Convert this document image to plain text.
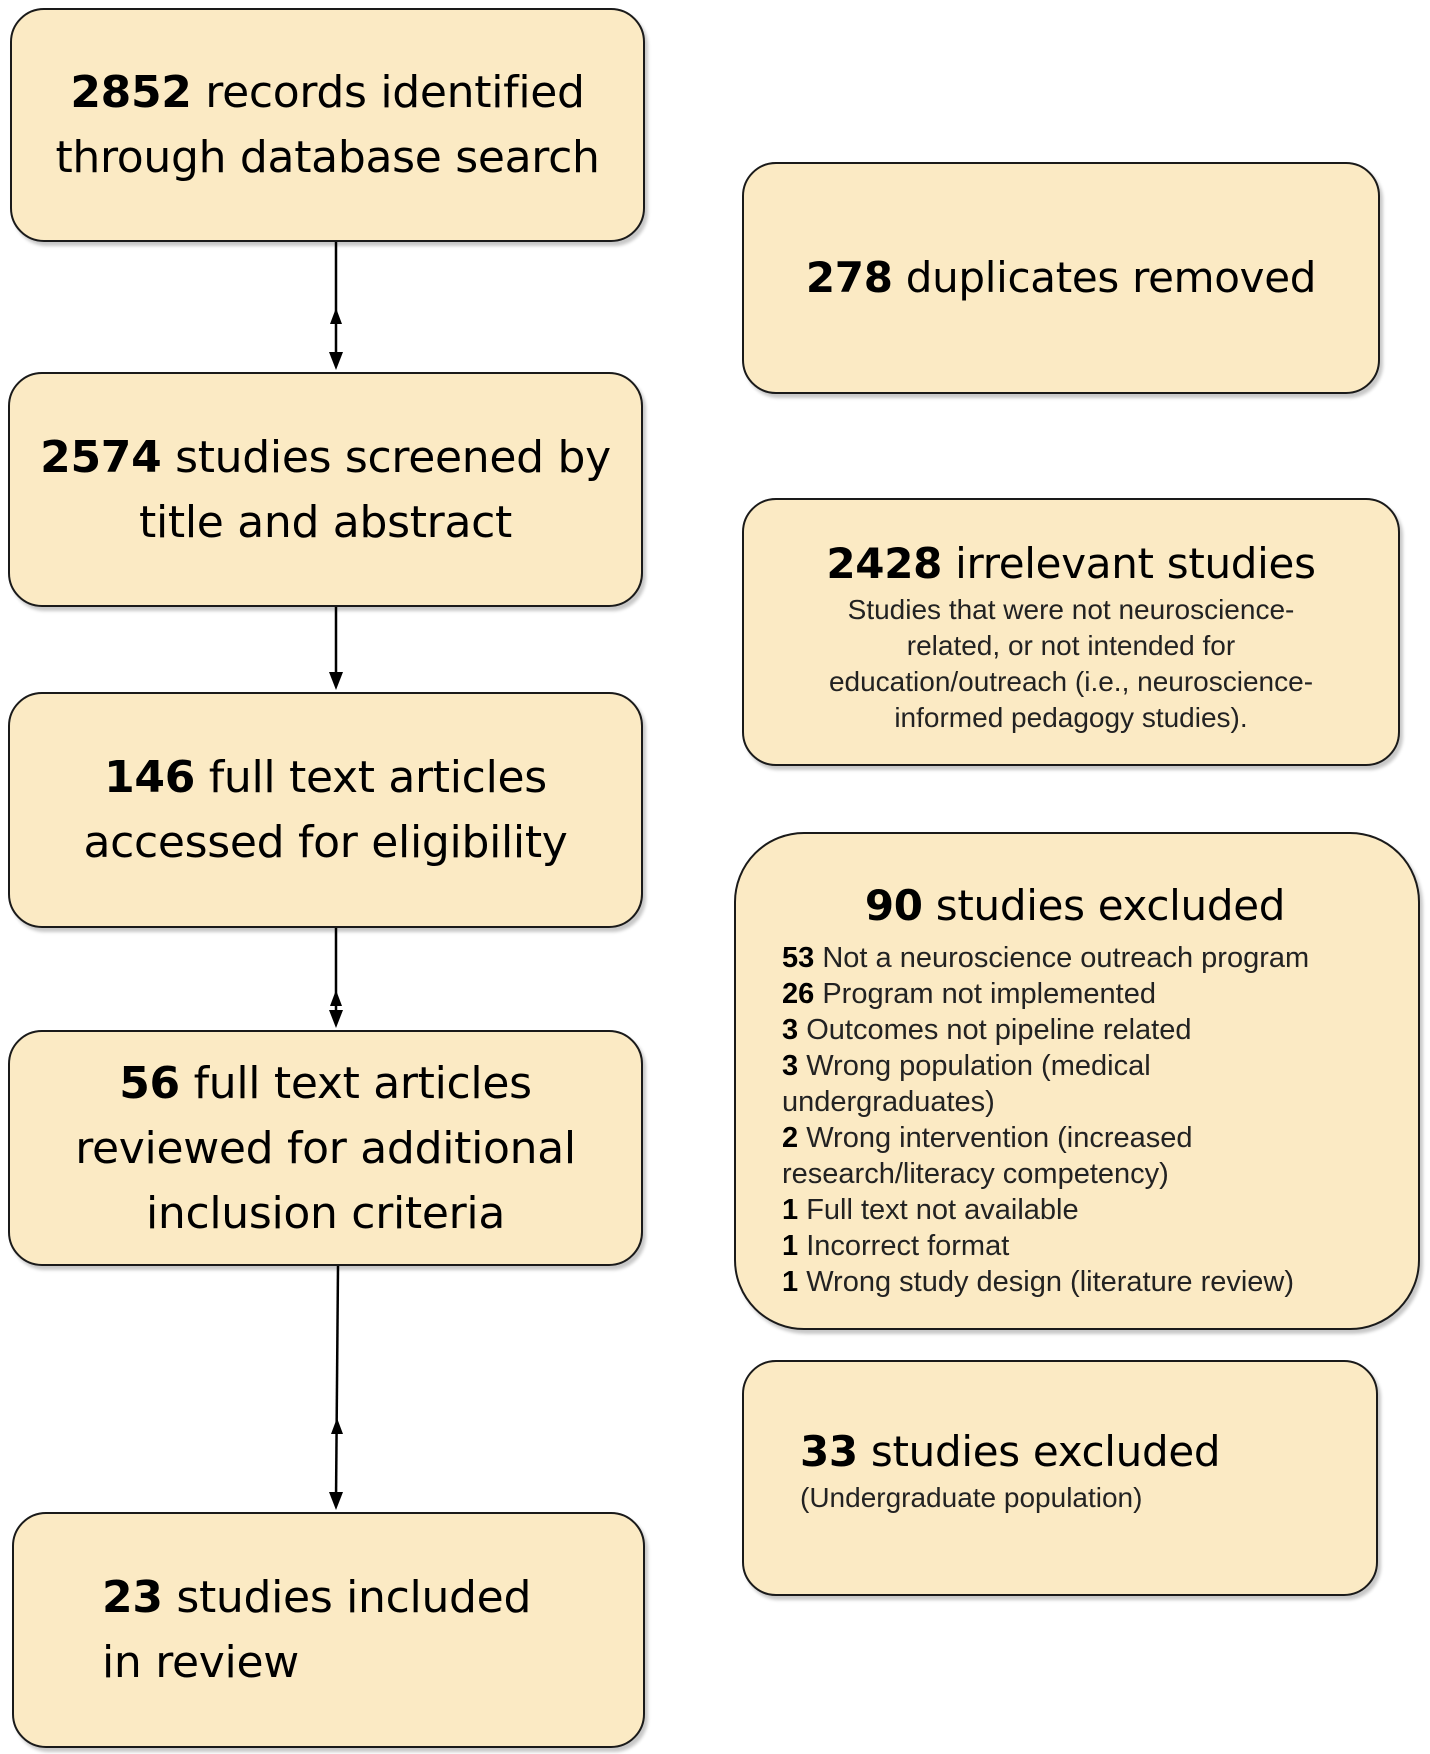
2852 records identified
through database search
2574 studies screened by
title and abstract
146 full text articles
accessed for eligibility
56 full text articles
reviewed for additional
inclusion criteria
23 studies included
in review
278 duplicates removed
2428 irrelevant studies
Studies that were not neuroscience-
related, or not intended for
education/outreach (i.e., neuroscience-
informed pedagogy studies).
90 studies excluded
53 Not a neuroscience outreach program
26 Program not implemented
3 Outcomes not pipeline related
3 Wrong population (medical
undergraduates)
2 Wrong intervention (increased
research/literacy competency)
1 Full text not available
1 Incorrect format
1 Wrong study design (literature review)
33 studies excluded
(Undergraduate population)
